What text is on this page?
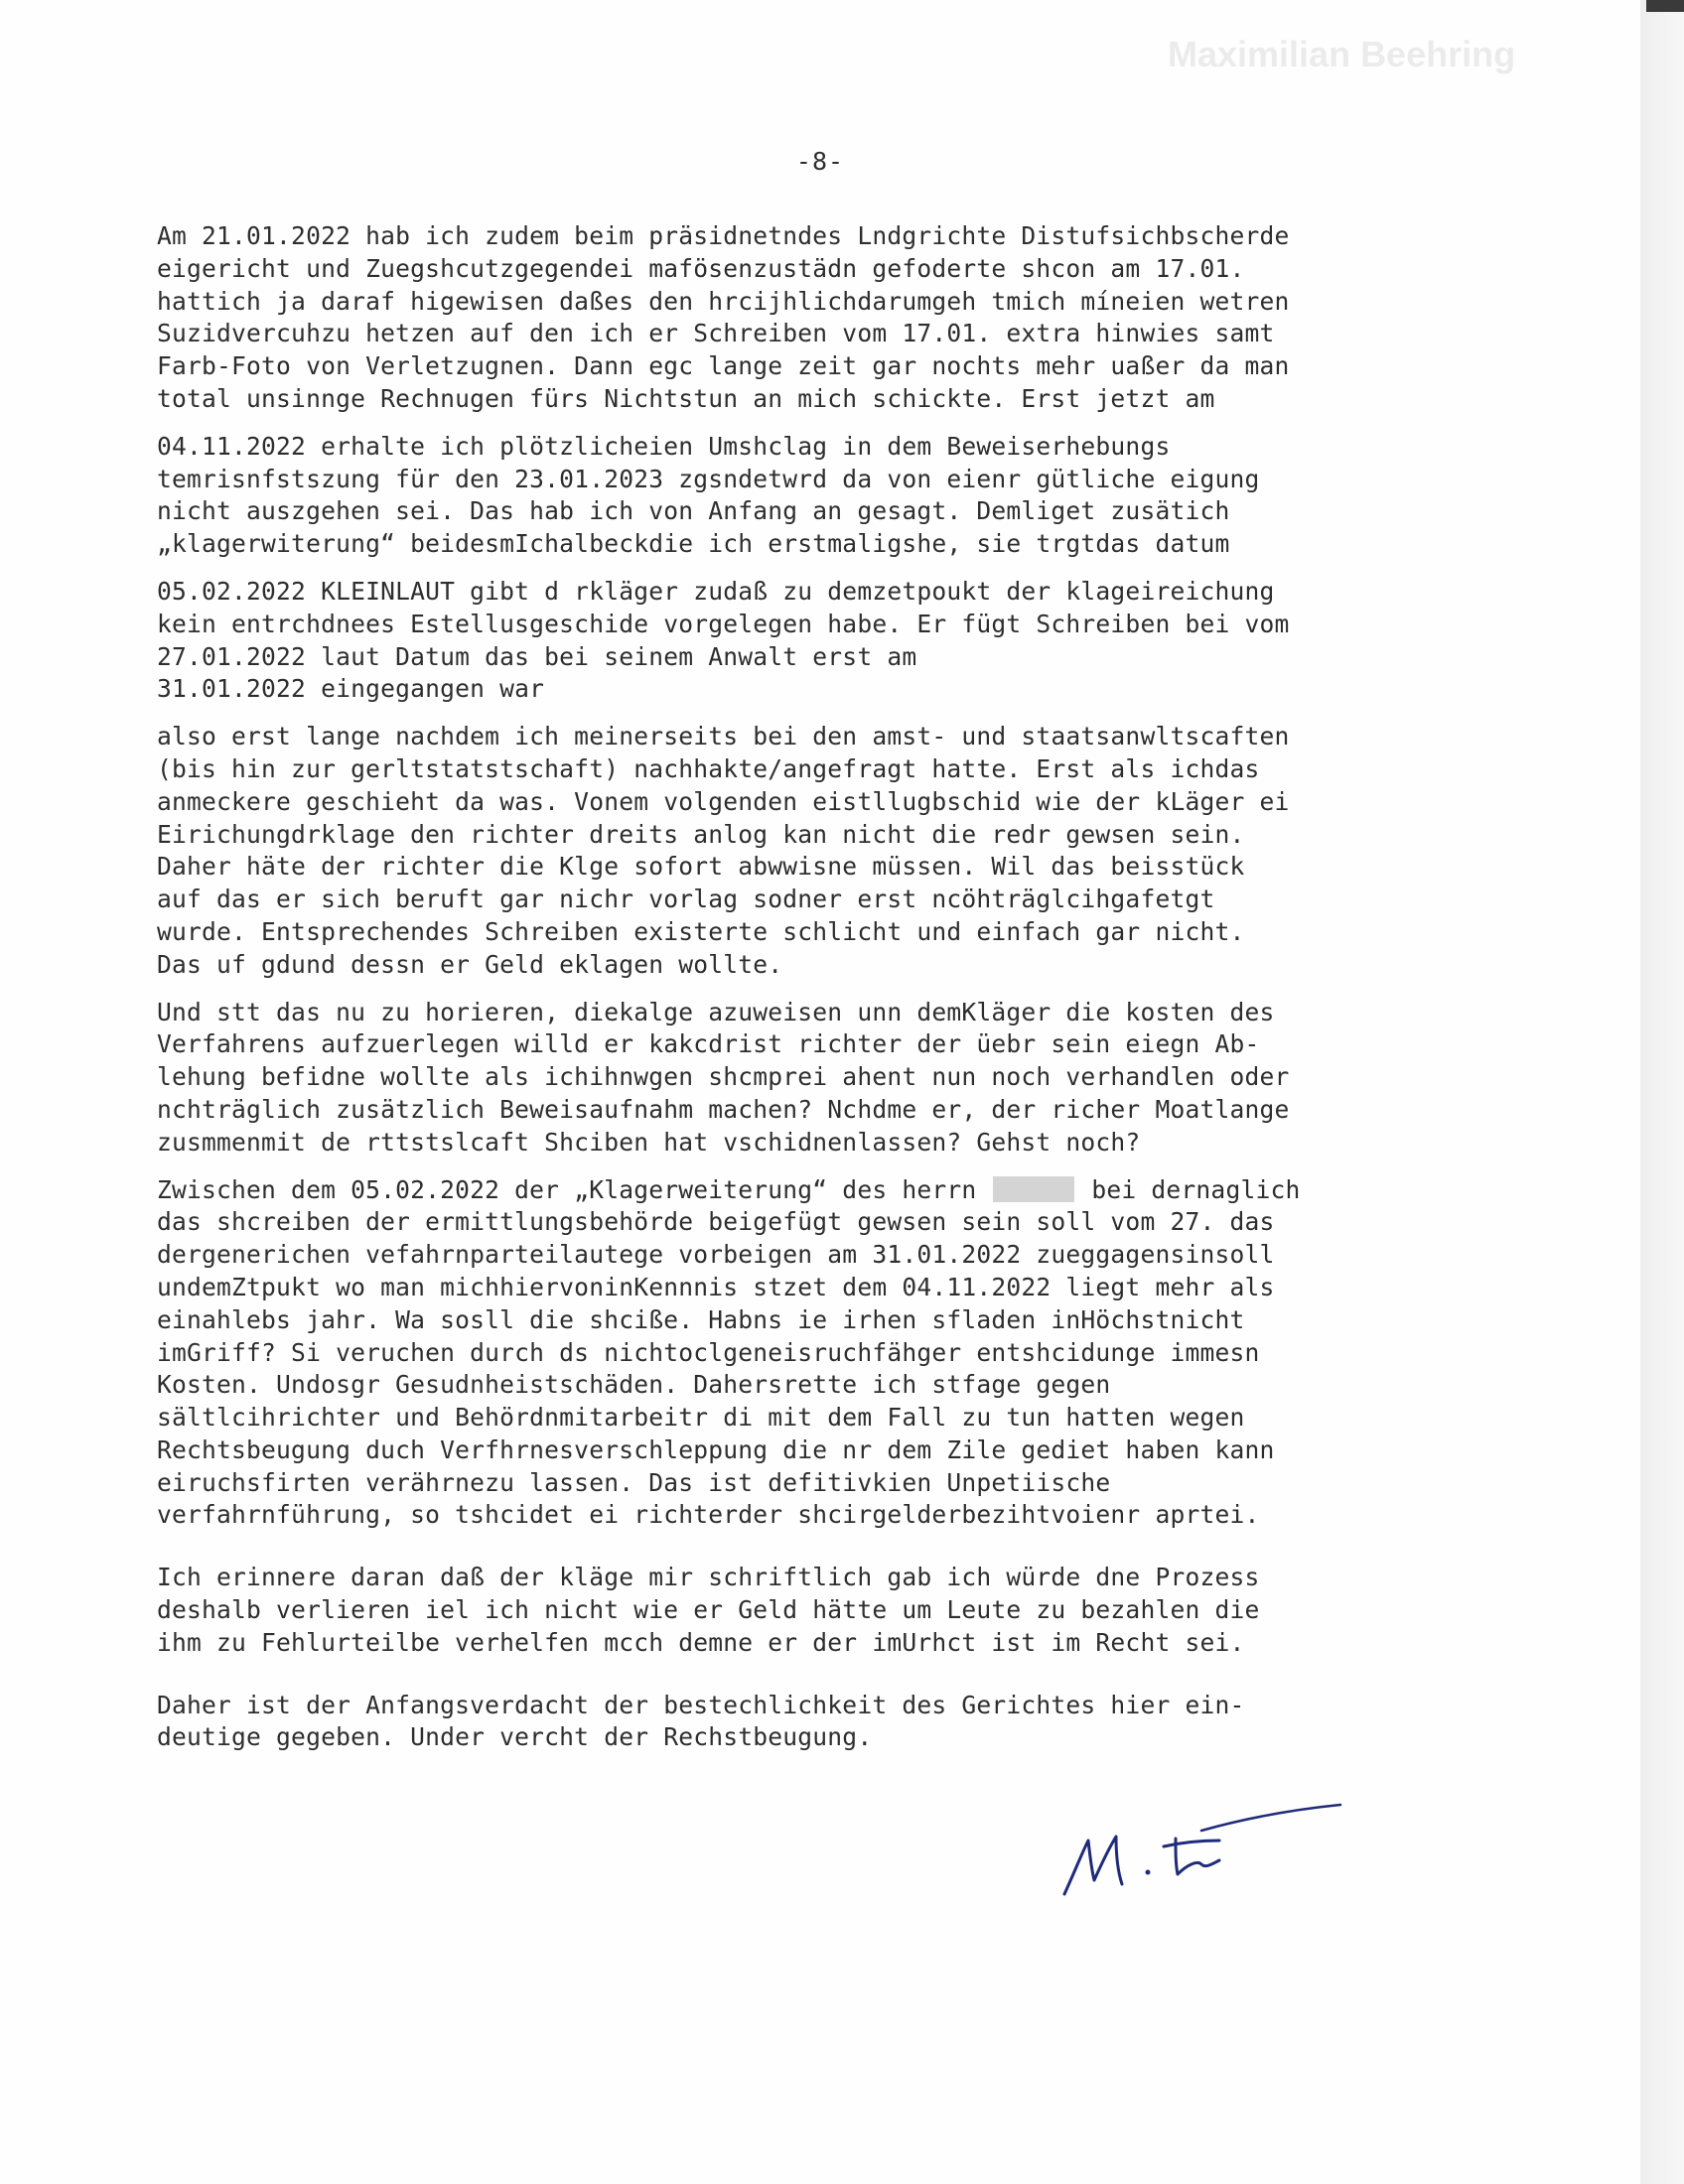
Maximilian Beehring
-8-
Am 21.01.2022 hab ich zudem beim präsidnetndes Lndgrichte Distufsichbscherde
eigericht und Zuegshcutzgegendei mafösenzustädn gefoderte shcon am 17.01.
hattich ja daraf higewisen daßes den hrcijhlichdarumgeh tmich míneien wetren
Suzidvercuhzu hetzen auf den ich er Schreiben vom 17.01. extra hinwies samt
Farb-Foto von Verletzugnen. Dann egc lange zeit gar nochts mehr uaßer da man
total unsinnge Rechnugen fürs Nichtstun an mich schickte. Erst jetzt am
04.11.2022 erhalte ich plötzlicheien Umshclag in dem Beweiserhebungs
temrisnfstszung für den 23.01.2023 zgsndetwrd da von eienr gütliche eigung
nicht auszgehen sei. Das hab ich von Anfang an gesagt. Demliget zusätich
„klagerwiterung“ beidesmIchalbeckdie ich erstmaligshe, sie trgtdas datum
05.02.2022 KLEINLAUT gibt d rkläger zudaß zu demzetpoukt der klageireichung
kein entrchdnees Estellusgeschide vorgelegen habe. Er fügt Schreiben bei vom
27.01.2022 laut Datum das bei seinem Anwalt erst am
31.01.2022 eingegangen war
also erst lange nachdem ich meinerseits bei den amst- und staatsanwltscaften
(bis hin zur gerltstatstschaft) nachhakte/angefragt hatte. Erst als ichdas
anmeckere geschieht da was. Vonem volgenden eistllugbschid wie der kLäger ei
Eirichungdrklage den richter dreits anlog kan nicht die redr gewsen sein.
Daher häte der richter die Klge sofort abwwisne müssen. Wil das beisstück
auf das er sich beruft gar nichr vorlag sodner erst ncöhträglcihgafetgt
wurde. Entsprechendes Schreiben existerte schlicht und einfach gar nicht.
Das uf gdund dessn er Geld eklagen wollte.
Und stt das nu zu horieren, diekalge azuweisen unn demKläger die kosten des
Verfahrens aufzuerlegen willd er kakcdrist richter der üebr sein eiegn Ab-
lehung befidne wollte als ichihnwgen shcmprei ahent nun noch verhandlen oder
nchträglich zusätzlich Beweisaufnahm machen? Nchdme er, der richer Moatlange
zusmmenmit de rttstslcaft Shciben hat vschidnenlassen? Gehst noch?
Zwischen dem 05.02.2022 der „Klagerweiterung“ des herrn	bei dernaglich
das shcreiben der ermittlungsbehörde beigefügt gewsen sein soll vom 27. das
dergenerichen vefahrnparteilautege vorbeigen am 31.01.2022 zueggagensinsoll
undemZtpukt wo man michhiervoninKennnis stzet dem 04.11.2022 liegt mehr als
einahlebs jahr. Wa sosll die shciße. Habns ie irhen sfladen inHöchstnicht
imGriff? Si veruchen durch ds nichtoclgeneisruchfähger entshcidunge immesn
Kosten. Undosgr Gesudnheistschäden. Dahersrette ich stfage gegen
sältlcihrichter und Behördnmitarbeitr di mit dem Fall zu tun hatten wegen
Rechtsbeugung duch Verfhrnesverschleppung die nr dem Zile gediet haben kann
eiruchsfirten verährnezu lassen. Das ist defitivkien Unpetiische
verfahrnführung, so tshcidet ei richterder shcirgelderbezihtvoienr aprtei.
Ich erinnere daran daß der kläge mir schriftlich gab ich würde dne Prozess
deshalb verlieren iel ich nicht wie er Geld hätte um Leute zu bezahlen die
ihm zu Fehlurteilbe verhelfen mcch demne er der imUrhct ist im Recht sei.
Daher ist der Anfangsverdacht der bestechlichkeit des Gerichtes hier ein-
deutige gegeben. Under vercht der Rechstbeugung.
